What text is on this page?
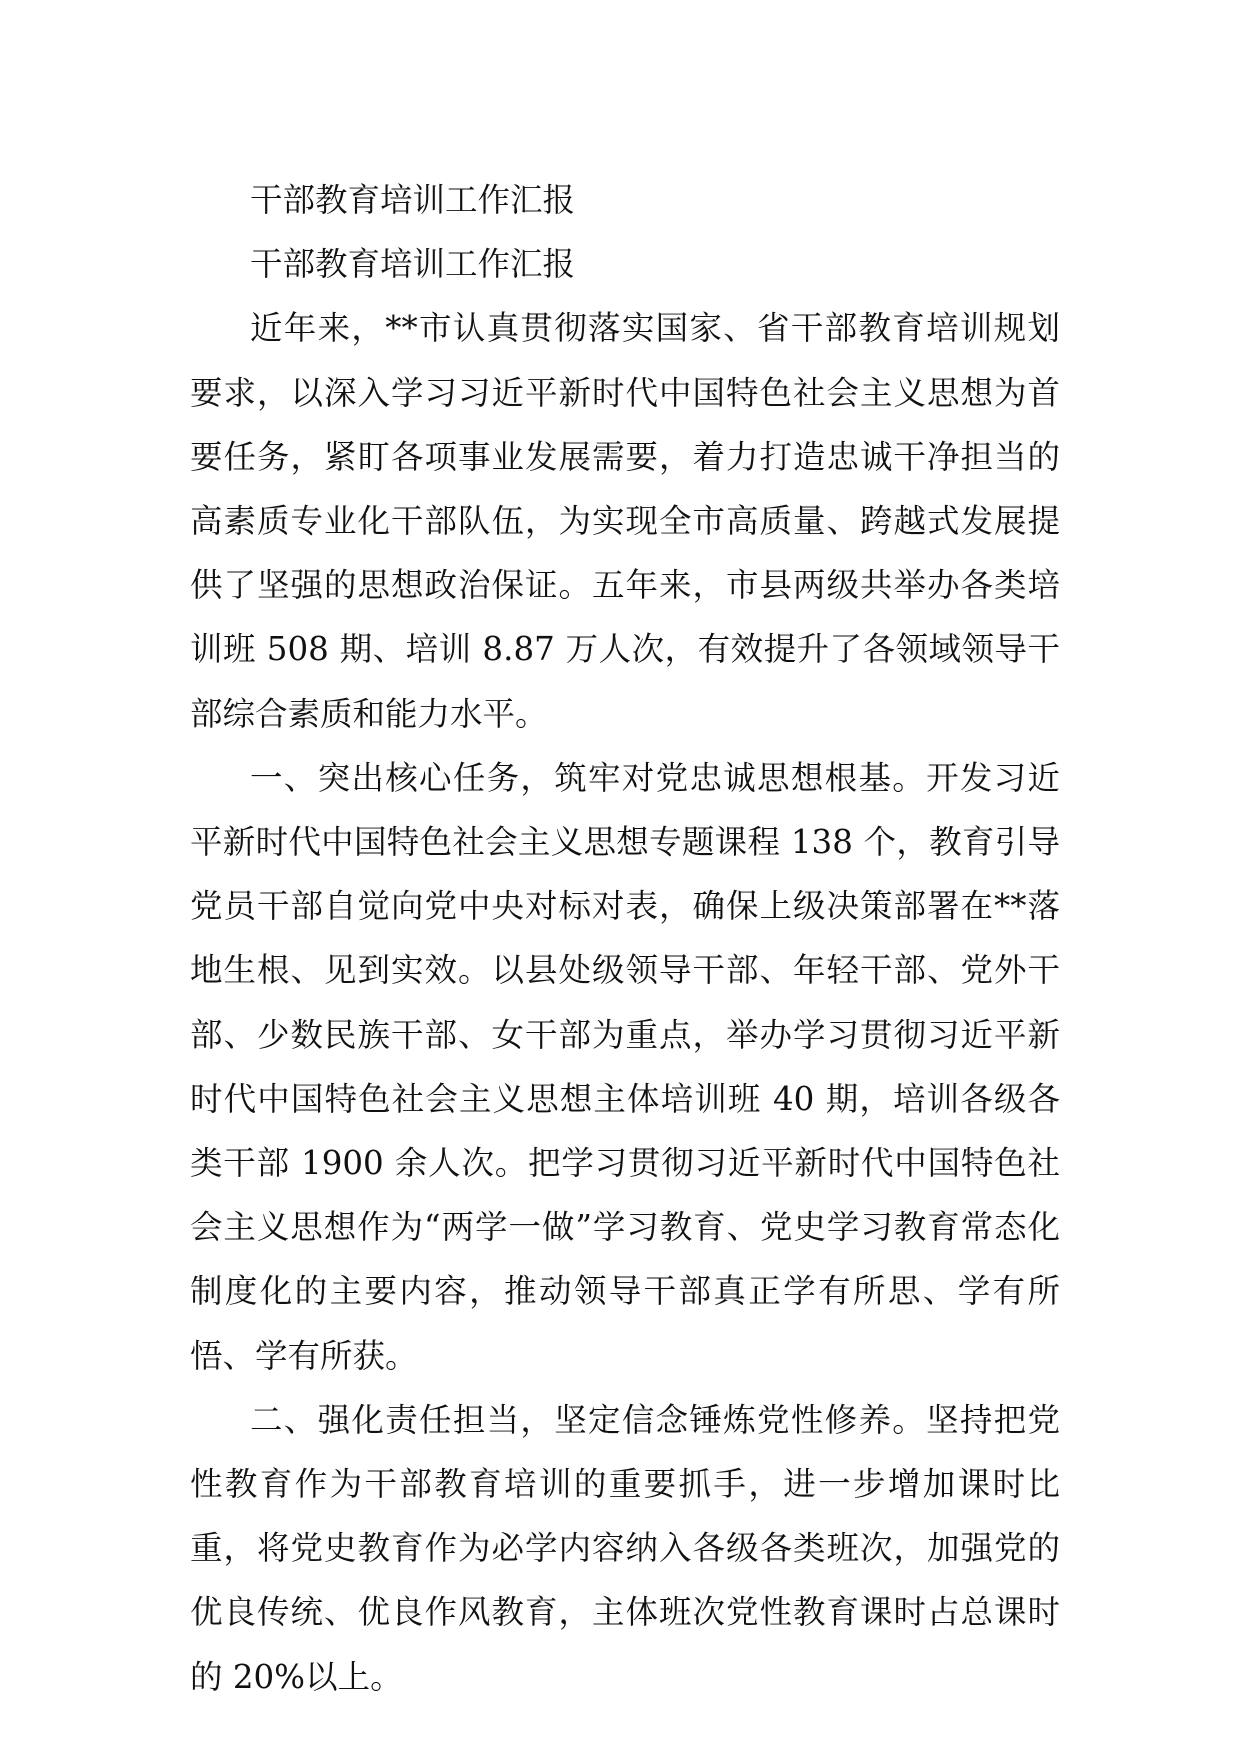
干部教育培训工作汇报

干部教育培训工作汇报

近年来，**市认真贯彻落实国家、省干部教育培训规划要求，以深入学习习近平新时代中国特色社会主义思想为首要任务，紧盯各项事业发展需要，着力打造忠诚干净担当的高素质专业化干部队伍，为实现全市高质量、跨越式发展提供了坚强的思想政治保证。五年来，市县两级共举办各类培训班 508 期、培训 8.87 万人次，有效提升了各领域领导干部综合素质和能力水平。

一、突出核心任务，筑牢对党忠诚思想根基。开发习近平新时代中国特色社会主义思想专题课程 138 个，教育引导党员干部自觉向党中央对标对表，确保上级决策部署在**落地生根、见到实效。以县处级领导干部、年轻干部、党外干部、少数民族干部、女干部为重点，举办学习贯彻习近平新时代中国特色社会主义思想主体培训班 40 期，培训各级各类干部 1900 余人次。把学习贯彻习近平新时代中国特色社会主义思想作为“两学一做”学习教育、党史学习教育常态化制度化的主要内容，推动领导干部真正学有所思、学有所悟、学有所获。

二、强化责任担当，坚定信念锤炼党性修养。坚持把党性教育作为干部教育培训的重要抓手，进一步增加课时比重，将党史教育作为必学内容纳入各级各类班次，加强党的优良传统、优良作风教育，主体班次党性教育课时占总课时的 20%以上。
